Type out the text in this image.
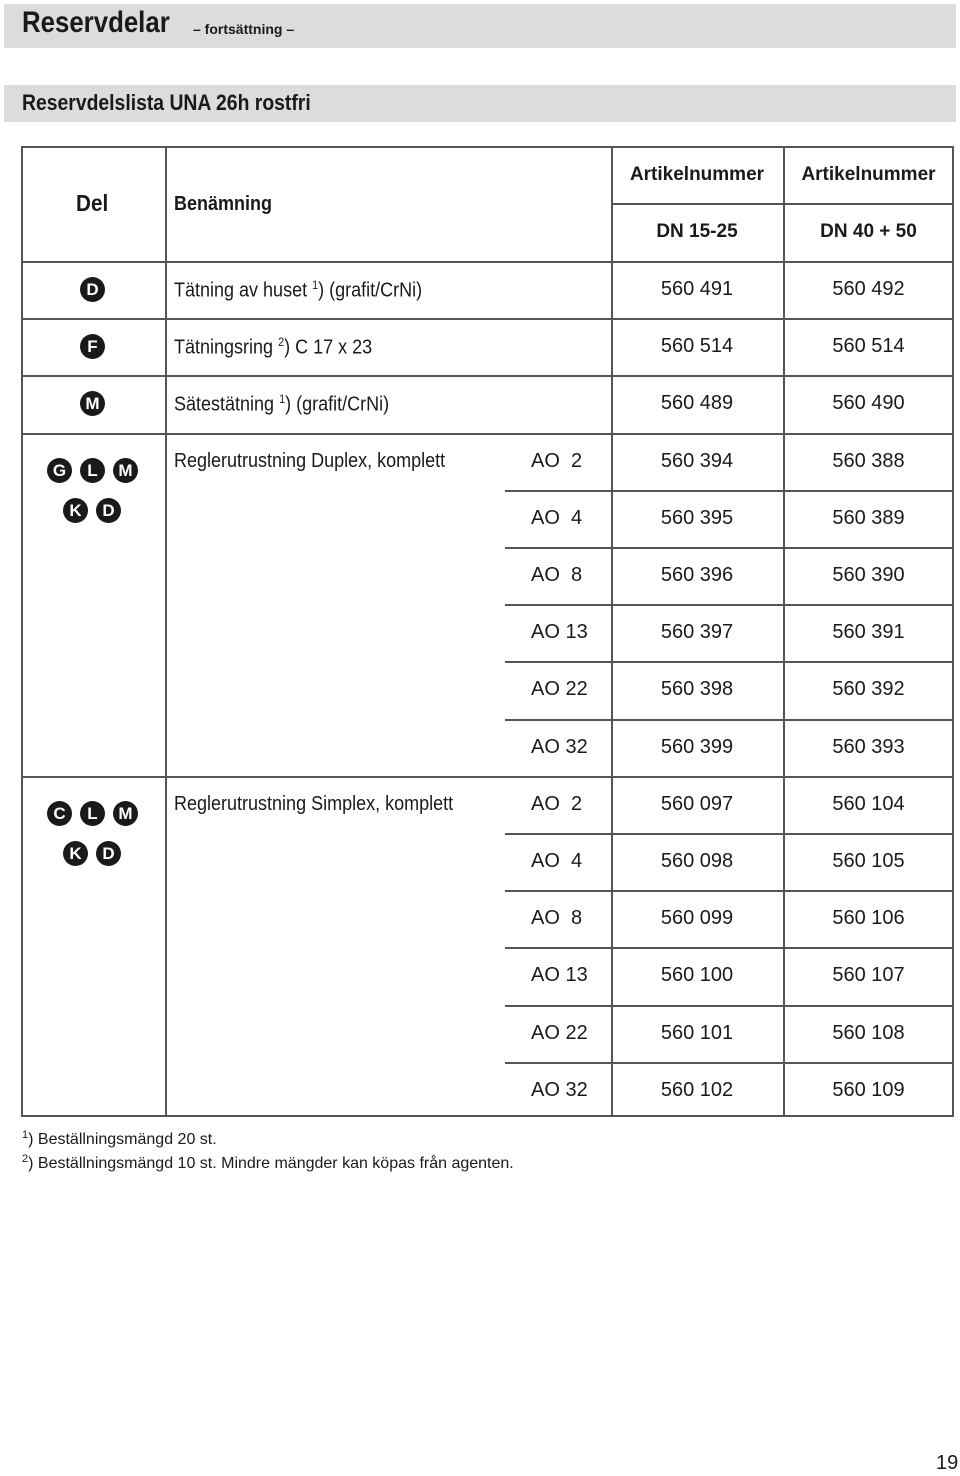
Reservdelar – fortsättning –
Reservdelslista UNA 26h rostfri
Del	Benämning
Artikelnummer	Artikelnummer
DN 15-25	DN 40 + 50
D	Tätning av huset $^1$) (grafit/CrNi)	560 491	560 492
F	Tätningsring $^2$) C 17 x 23	560 514	560 514
M	Sätestätning $^1$) (grafit/CrNi)	560 489	560 490
G	L	M
K	D
Reglerutrustning Duplex, komplett	AO  2	560 394	560 388
AO  4	560 395	560 389
AO  8	560 396	560 390
AO 13	560 397	560 391
AO 22	560 398	560 392
AO 32	560 399	560 393
C	L	M
K	D
Reglerutrustning Simplex, komplett	AO  2	560 097	560 104
AO  4	560 098	560 105
AO  8	560 099	560 106
AO 13	560 100	560 107
AO 22	560 101	560 108
AO 32	560 102	560 109
$^1$) Beställningsmängd 20 st.
$^2$) Beställningsmängd 10 st. Mindre mängder kan köpas från agenten.
19
